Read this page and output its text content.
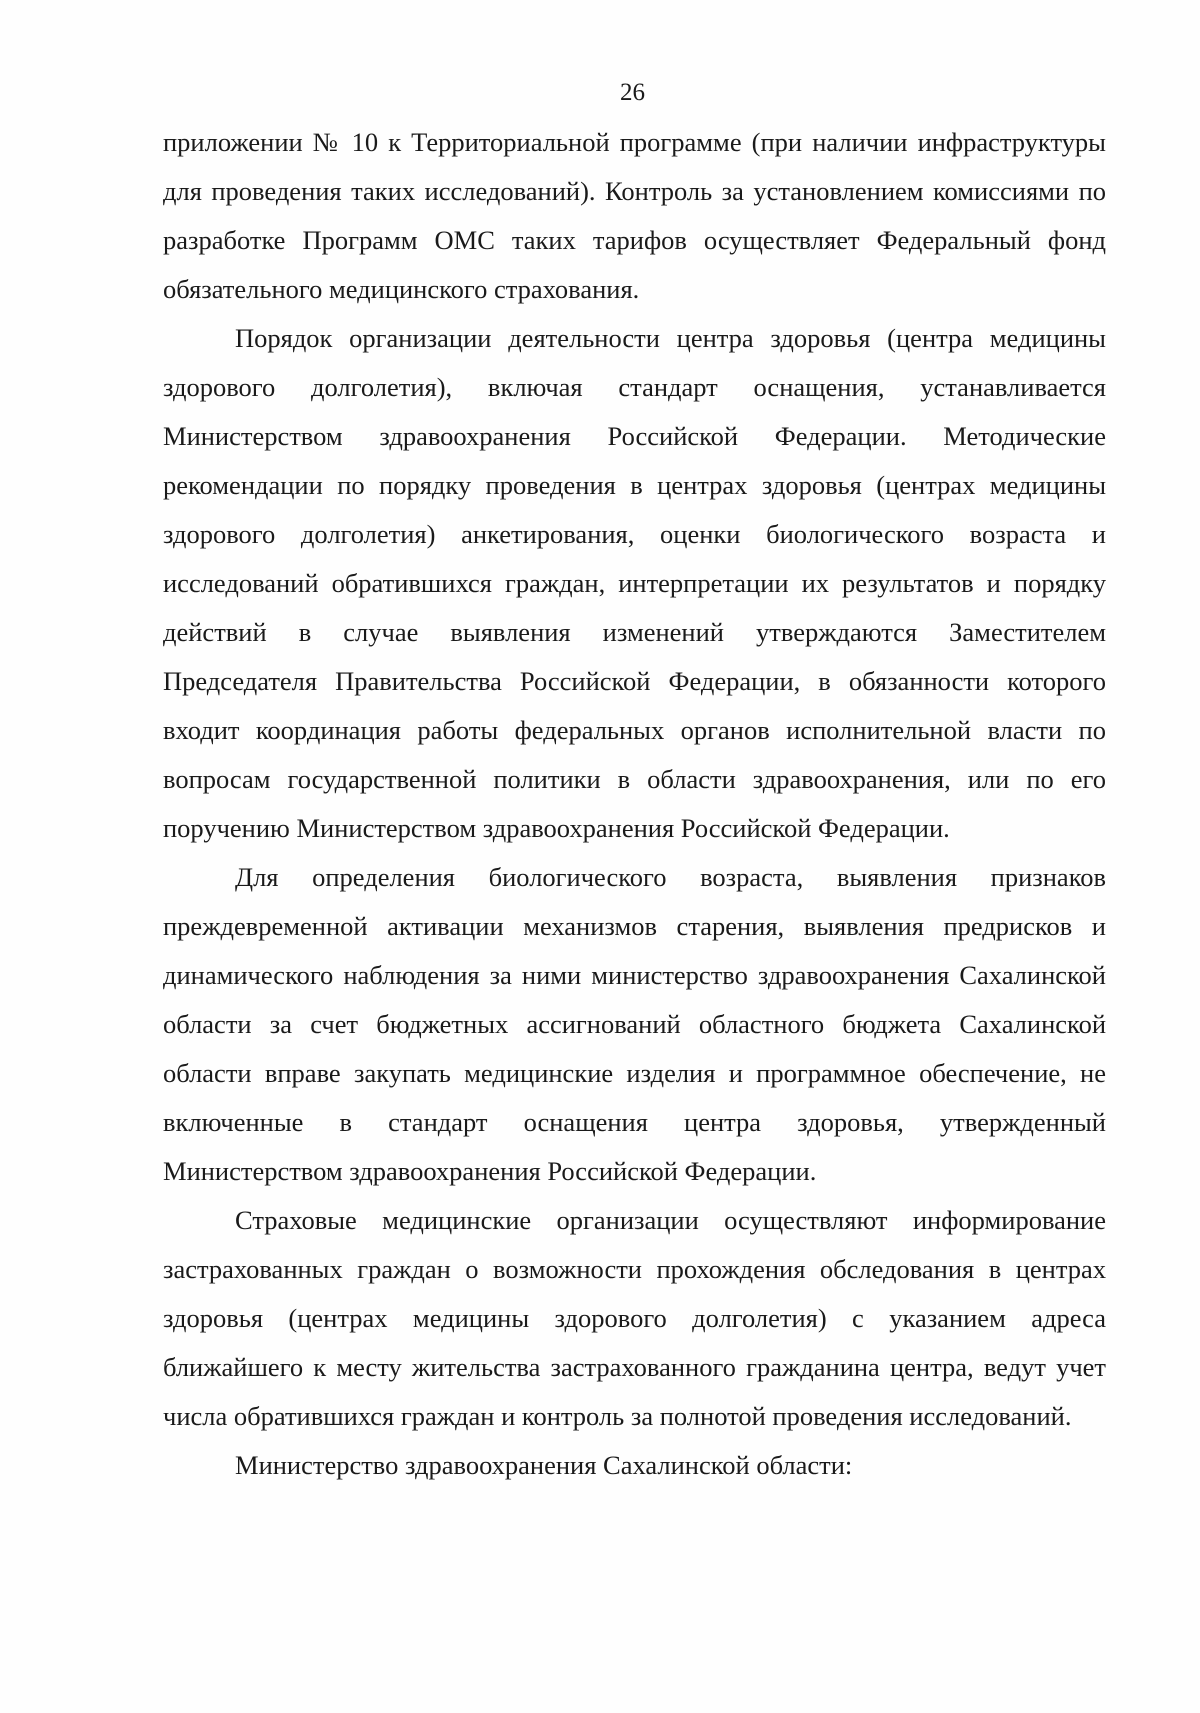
26

приложении № 10 к Территориальной программе (при наличии инфраструктуры для проведения таких исследований). Контроль за установлением комиссиями по разработке Программ ОМС таких тарифов осуществляет Федеральный фонд обязательного медицинского страхования.

Порядок организации деятельности центра здоровья (центра медицины здорового долголетия), включая стандарт оснащения, устанавливается Министерством здравоохранения Российской Федерации. Методические рекомендации по порядку проведения в центрах здоровья (центрах медицины здорового долголетия) анкетирования, оценки биологического возраста и исследований обратившихся граждан, интерпретации их результатов и порядку действий в случае выявления изменений утверждаются Заместителем Председателя Правительства Российской Федерации, в обязанности которого входит координация работы федеральных органов исполнительной власти по вопросам государственной политики в области здравоохранения, или по его поручению Министерством здравоохранения Российской Федерации.

Для определения биологического возраста, выявления признаков преждевременной активации механизмов старения, выявления предрисков и динамического наблюдения за ними министерство здравоохранения Сахалинской области за счет бюджетных ассигнований областного бюджета Сахалинской области вправе закупать медицинские изделия и программное обеспечение, не включенные в стандарт оснащения центра здоровья, утвержденный Министерством здравоохранения Российской Федерации.

Страховые медицинские организации осуществляют информирование застрахованных граждан о возможности прохождения обследования в центрах здоровья (центрах медицины здорового долголетия) с указанием адреса ближайшего к месту жительства застрахованного гражданина центра, ведут учет числа обратившихся граждан и контроль за полнотой проведения исследований.

Министерство здравоохранения Сахалинской области:
